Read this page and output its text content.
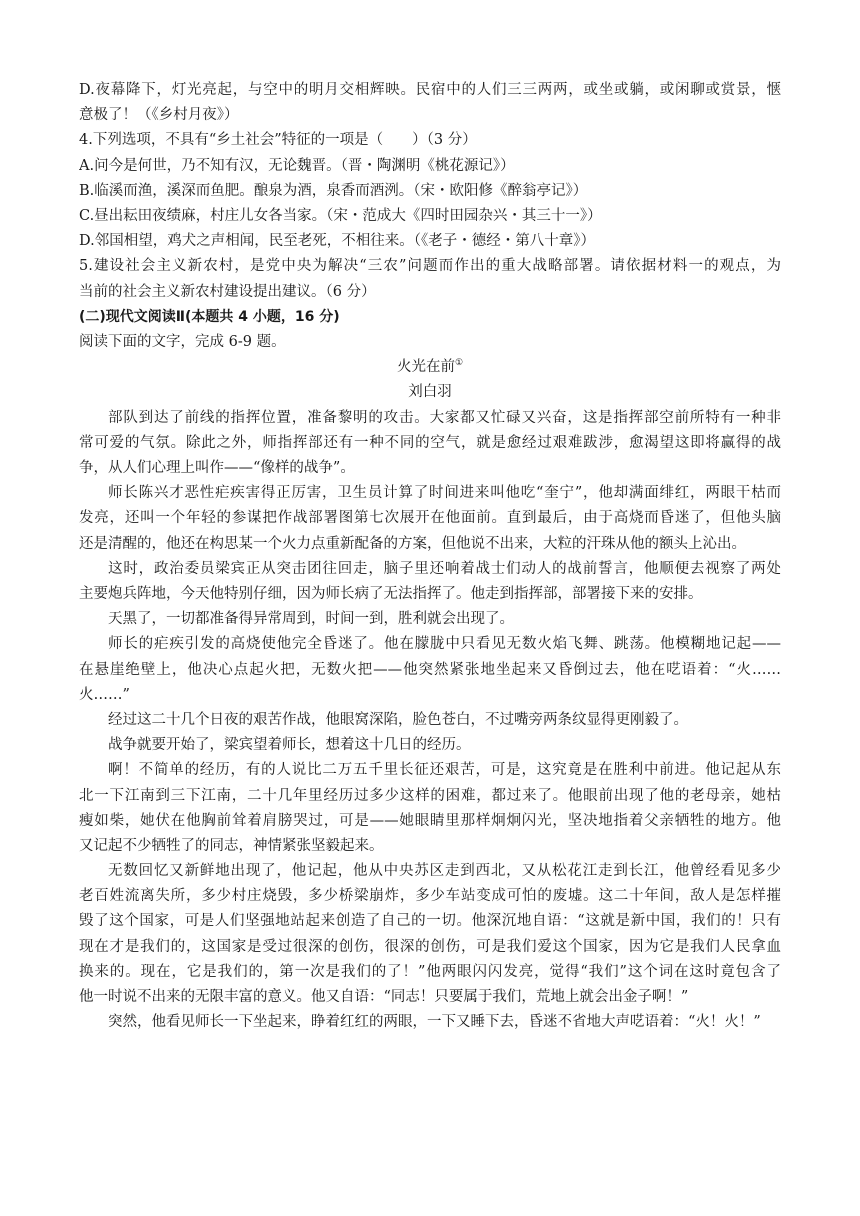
D.夜幕降下，灯光亮起，与空中的明月交相辉映。民宿中的人们三三两两，或坐或躺，或闲聊或赏景，惬
意极了！（《乡村月夜》）
4.下列选项，不具有“乡土社会”特征的一项是（　　）（3 分）
A.问今是何世，乃不知有汉，无论魏晋。（晋・陶渊明《桃花源记》）
B.临溪而渔，溪深而鱼肥。酿泉为酒，泉香而酒洌。（宋・欧阳修《醉翁亭记》）
C.昼出耘田夜绩麻，村庄儿女各当家。（宋・范成大《四时田园杂兴・其三十一》）
D.邻国相望，鸡犬之声相闻，民至老死，不相往来。（《老子・德经・第八十章》）
5.建设社会主义新农村，是党中央为解决“三农”问题而作出的重大战略部署。请依据材料一的观点，为
当前的社会主义新农村建设提出建议。（6 分）
(二)现代文阅读Ⅱ(本题共 4 小题，16 分)
阅读下面的文字，完成 6-9 题。
火光在前①
刘白羽
部队到达了前线的指挥位置，准备黎明的攻击。大家都又忙碌又兴奋，这是指挥部空前所特有一种非
常可爱的气氛。除此之外，师指挥部还有一种不同的空气，就是愈经过艰难跋涉，愈渴望这即将赢得的战
争，从人们心理上叫作——“像样的战争”。
师长陈兴才恶性疟疾害得正厉害，卫生员计算了时间进来叫他吃“奎宁”，他却满面绯红，两眼干枯而
发亮，还叫一个年轻的参谋把作战部署图第七次展开在他面前。直到最后，由于高烧而昏迷了，但他头脑
还是清醒的，他还在构思某一个火力点重新配备的方案，但他说不出来，大粒的汗珠从他的额头上沁出。
这时，政治委员梁宾正从突击团往回走，脑子里还响着战士们动人的战前誓言，他顺便去视察了两处
主要炮兵阵地，今天他特别仔细，因为师长病了无法指挥了。他走到指挥部，部署接下来的安排。
天黑了，一切都准备得异常周到，时间一到，胜利就会出现了。
师长的疟疾引发的高烧使他完全昏迷了。他在朦胧中只看见无数火焰飞舞、跳荡。他模糊地记起——
在悬崖绝壁上，他决心点起火把，无数火把——他突然紧张地坐起来又昏倒过去，他在呓语着：“火……
火……”
经过这二十几个日夜的艰苦作战，他眼窝深陷，脸色苍白，不过嘴旁两条纹显得更刚毅了。
战争就要开始了，梁宾望着师长，想着这十几日的经历。
啊！不简单的经历，有的人说比二万五千里长征还艰苦，可是，这究竟是在胜利中前进。他记起从东
北一下江南到三下江南，二十几年里经历过多少这样的困难，都过来了。他眼前出现了他的老母亲，她枯
瘦如柴，她伏在他胸前耸着肩膀哭过，可是——她眼睛里那样炯炯闪光，坚决地指着父亲牺牲的地方。他
又记起不少牺牲了的同志，神情紧张坚毅起来。
无数回忆又新鲜地出现了，他记起，他从中央苏区走到西北，又从松花江走到长江，他曾经看见多少
老百姓流离失所，多少村庄烧毁，多少桥梁崩炸，多少车站变成可怕的废墟。这二十年间，敌人是怎样摧
毁了这个国家，可是人们坚强地站起来创造了自己的一切。他深沉地自语：“这就是新中国，我们的！只有
现在才是我们的，这国家是受过很深的创伤，很深的创伤，可是我们爱这个国家，因为它是我们人民拿血
换来的。现在，它是我们的，第一次是我们的了！”他两眼闪闪发亮，觉得“我们”这个词在这时竟包含了
他一时说不出来的无限丰富的意义。他又自语：“同志！只要属于我们，荒地上就会出金子啊！”
突然，他看见师长一下坐起来，睁着红红的两眼，一下又睡下去，昏迷不省地大声呓语着：“火！火！”
